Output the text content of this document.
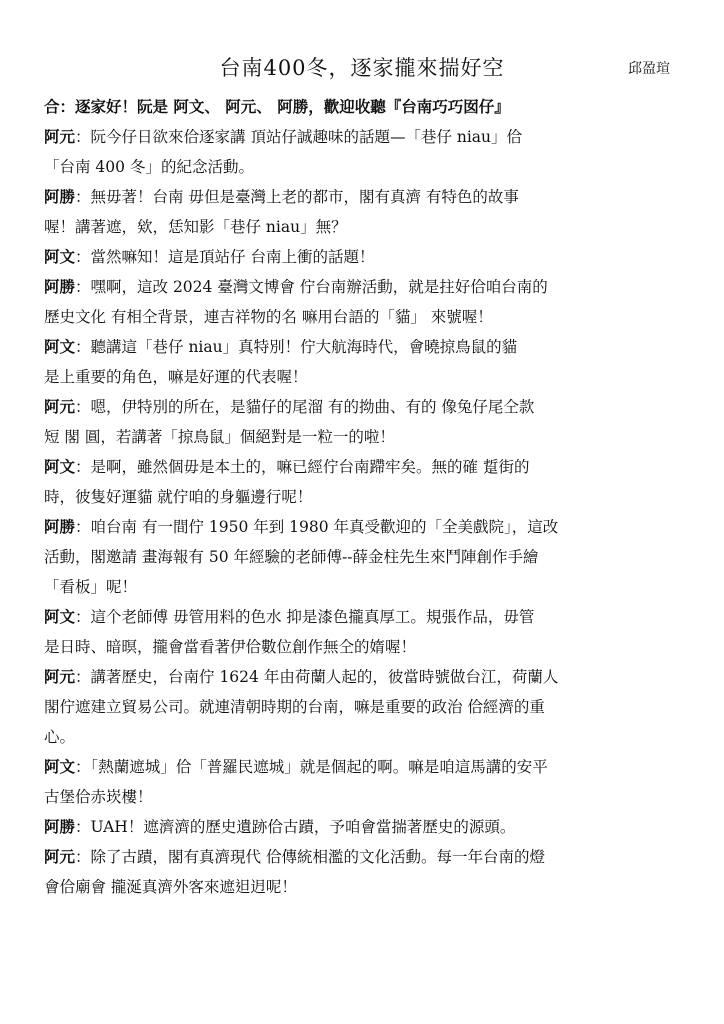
台南400冬，逐家攏來揣好空	邱盈瑄
合：逐家好！阮是 阿文、 阿元、 阿勝，歡迎收聽『台南巧巧囡仔』
阿元：阮今仔日欲來佮逐家講 頂站仔誠趣味的話題—「巷仔 niau」佮
「台南 400 冬」的紀念活動。
阿勝：無毋著！台南 毋但是臺灣上老的都市，閣有真濟 有特色的故事
喔！講著遮，欸，恁知影「巷仔 niau」無？
阿文：當然嘛知！這是頂站仔 台南上衝的話題！
阿勝：嘿啊，這改 2024 臺灣文博會 佇台南辦活動，就是拄好佮咱台南的
歷史文化 有相仝背景，連吉祥物的名 嘛用台語的「貓」 來號喔！
阿文：聽講這「巷仔 niau」真特別！佇大航海時代，會曉掠鳥鼠的貓
是上重要的角色，嘛是好運的代表喔！
阿元：嗯，伊特別的所在，是貓仔的尾溜 有的拗曲、有的 像兔仔尾仝款
短 閣 圓，若講著「掠鳥鼠」個絕對是一粒一的啦！
阿文：是啊，雖然個毋是本土的，嘛已經佇台南蹛牢矣。無的確 踅街的
時，彼隻好運貓 就佇咱的身軀邊行呢！
阿勝：咱台南 有一間佇 1950 年到 1980 年真受歡迎的「全美戲院」，這改
活動，閣邀請 畫海報有 50 年經驗的老師傅--薛金柱先生來鬥陣創作手繪
「看板」呢！
阿文：這个老師傅 毋管用料的色水 抑是漆色攏真厚工。規張作品，毋管
是日時、暗暝，攏會當看著伊佮數位創作無仝的媠喔！
阿元：講著歷史，台南佇 1624 年由荷蘭人起的，彼當時號做台江，荷蘭人
閣佇遮建立貿易公司。就連清朝時期的台南，嘛是重要的政治 佮經濟的重
心。
阿文：「熱蘭遮城」佮「普羅民遮城」就是個起的啊。嘛是咱這馬講的安平
古堡佮赤崁樓！
阿勝：UAH！遮濟濟的歷史遺跡佮古蹟，予咱會當揣著歷史的源頭。
阿元：除了古蹟，閣有真濟現代 佮傳統相濫的文化活動。每一年台南的燈
會佮廟會 攏涎真濟外客來遮𨑨迌呢！
